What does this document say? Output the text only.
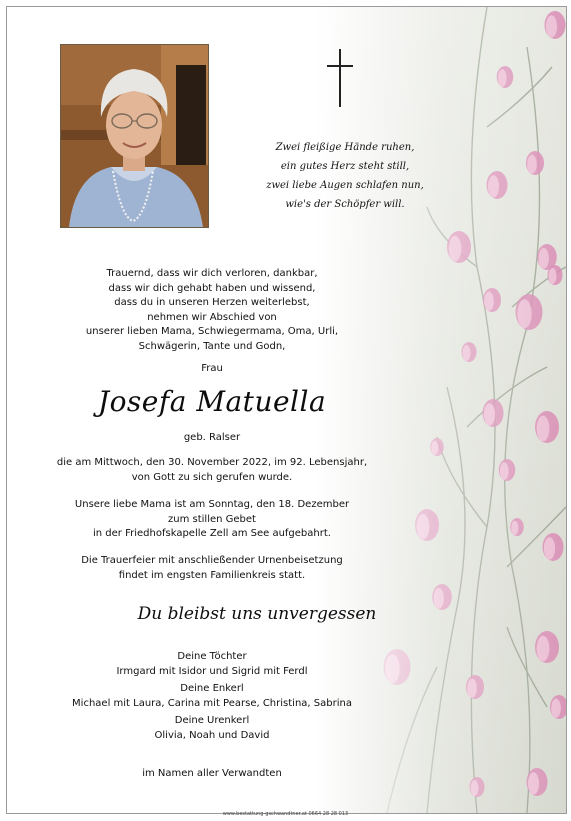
Zwei fleißige Hände ruhen,
ein gutes Herz steht still,
zwei liebe Augen schlafen nun,
wie's der Schöpfer will.
Trauernd, dass wir dich verloren, dankbar,
dass wir dich gehabt haben und wissend,
dass du in unseren Herzen weiterlebst,
nehmen wir Abschied von
unserer lieben Mama, Schwiegermama, Oma, Urli,
Schwägerin, Tante und Godn,
Frau
Josefa Matuella
geb. Ralser
die am Mittwoch, den 30. November 2022, im 92. Lebensjahr,
von Gott zu sich gerufen wurde.
Unsere liebe Mama ist am Sonntag, den 18. Dezember
zum stillen Gebet
in der Friedhofskapelle Zell am See aufgebahrt.
Die Trauerfeier mit anschließender Urnenbeisetzung
findet im engsten Familienkreis statt.
Du bleibst uns unvergessen
Deine Töchter
Irmgard mit Isidor und Sigrid mit Ferdl
Deine Enkerl
Michael mit Laura, Carina mit Pearse, Christina, Sabrina
Deine Urenkerl
Olivia, Noah und David
im Namen aller Verwandten
www.bestattung-gschwandtner.at 0664 28 28 013
